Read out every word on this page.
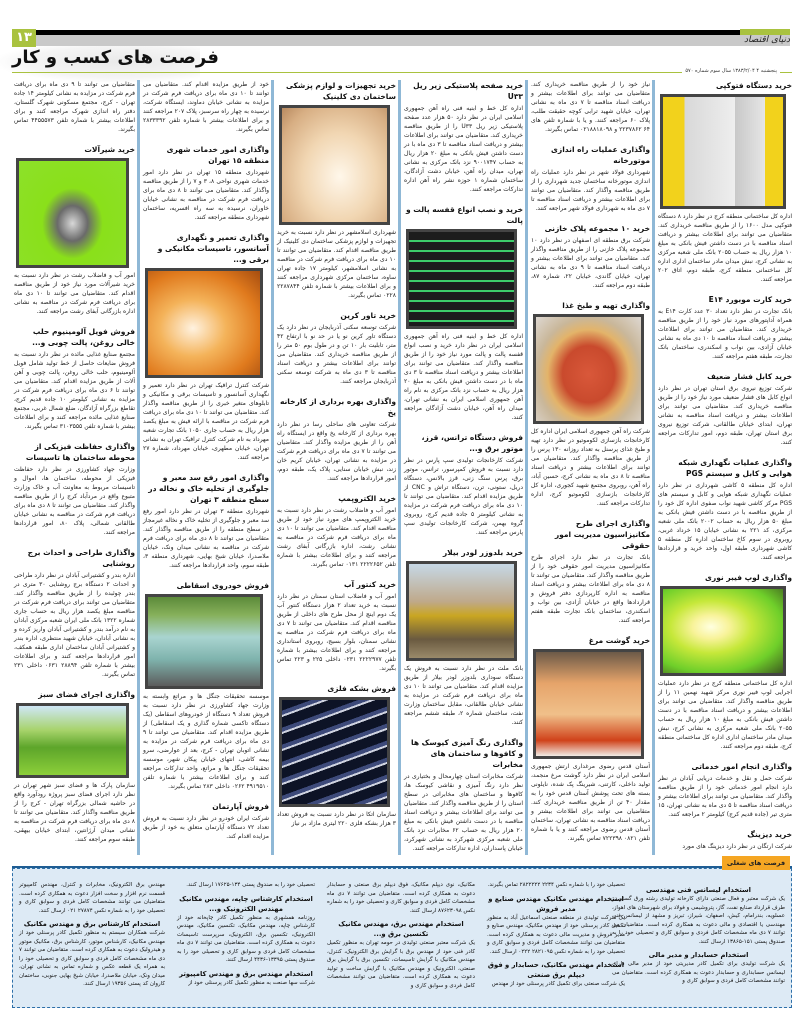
۱۳	دنیای اقتصاد
فرصت های کسب و کار
پنجشنبه ۴ ۱۳۸۳/۲/۰۴ سال سوم شماره ۵۷۰
خرید دستگاه فتوکپی

اداره کل ساختمانی منطقه کرج در نظر دارد ۸ دستگاه فتوکپی مدل ۱۶۰۰ را از طریق مناقصه خریداری کند. متقاضیان می توانند برای اطلاعات بیشتر و دریافت اسناد مناقصه با در دست داشتن فیش بانکی به مبلغ ۱۰ هزار ریال به حساب ۲۰۵۵ بانک ملی شعبه مرکزی به نشانی کرج، نبش میدان مادر ساختمان اداری اداره کل ساختمانی منطقه کرج، طبقه دوم، اتاق ۲۰۲ مراجعه کنند.

خرید کارت موبورد E۱۴

بانک تجارت در نظر دارد تعداد ۳۰ عدد کارت E۱۴ به همراه آداپتورهای مورد نیاز خود را از طریق مناقصه خریداری کند. متقاضیان می توانند برای اطلاعات بیشتر و دریافت اسناد مناقصه تا ۱۰ دی ماه به نشانی خیابان آزادی، بین نواب و اسکندری، ساختمان بانک تجارت، طبقه هفتم مراجعه کنند.

خرید کابل فشار ضعیف

شرکت توزیع نیروی برق استان تهران در نظر دارد انواع کابل های فشار ضعیف مورد نیاز خود را از طریق مناقصه خریداری کند. متقاضیان می توانند برای اطلاعات بیشتر و دریافت اسناد مناقصه به نشانی تهران، ابتدای خیابان طالقانی، شرکت توزیع نیروی برق استان تهران، طبقه دوم، امور تدارکات مراجعه کنند.

واگذاری عملیات نگهداری شبکه هوایی و کابل و سیستم PGS

اداره کل منطقه ۵ کاشی شهرداری در نظر دارد عملیات نگهداری شبکه هوایی و کابل و سیستم های PGS مرکز کاشی شهید نواب صفوی اداره کل خود را از طریق مناقصه با در دست داشتن فیش بانکی به مبلغ ۵۰ هزار ریال به حساب ۲۰۰۲ بانک ملی شعبه مرکزی، کد ۲۲۱ به نشانی خیابان ۱۵ خرداد غربی، روبروی در سوم کاخ ساختمان اداره کل منطقه ۵ کاشی شهرداری طبقه اول، واحد خرید و قراردادها مراجعه کنند.

واگذاری لوپ فیبر نوری

اداره کل ساختمانی منطقه کرج در نظر دارد عملیات اجرایی لوپ فیبر نوری مرکز شهید نهمین ۱۱ را از طریق مناقصه واگذار کند. متقاضیان می توانند برای اطلاعات بیشتر و دریافت اسناد مناقصه با در دست داشتن فیش بانکی به مبلغ ۱۰ هزار ریال به حساب ۲۰۵۵ بانک ملی شعبه مرکزی به نشانی کرج، نبش میدان مادر ساختمان اداری اداره کل ساختمانی منطقه کرج، طبقه دوم مراجعه کنند.

واگذاری انجام امور خدماتی

شرکت حمل و نقل و خدمات دریایی آبادان در نظر دارد انجام امور خدماتی خود را از طریق مناقصه واگذار کند. متقاضیان می توانند برای اطلاعات بیشتر و دریافت اسناد مناقصه تا ۵ دی ماه به نشانی تهران، ۱۵ متری تیر (جاده قدیم کرج) کیلومتر ۲ مراجعه کنند.

خرید دیزینگ

شرکت ارتگان در نظر دارد دیزینگ های مورد

نیاز خود را از طریق مناقصه خریداری کند. متقاضیان می توانند برای اطلاعات بیشتر و دریافت اسناد مناقصه تا ۷ دی ماه به نشانی تهران، خیابان شهید ترابی کوچه حقیقت طلب، پلاک ۶۰ مراجعه کنند. و یا با شماره تلفن های ۶۴ ۲۲۳۷۸۶۲ و ۰۲۱۸۸۱۸۰۹۸ تماس بگیرند.

واگذاری عملیات راه اندازی موتورخانه

شهرداری فولاد شهر در نظر دارد عملیات راه اندازی موتورخانه ساختمان جدید شهرداری را از طریق مناقصه واگذار کند. متقاضیان می توانند برای اطلاعات بیشتر و دریافت اسناد مناقصه تا ۷ دی ماه به شهرداری فولاد شهر مراجعه کنند.

خرید ۱۰ مجموعه پلاک خازنی

شرکت برق منطقه ای اصفهان در نظر دارد ۱۰ مجموعه پلاک خازنی را از طریق مناقصه واگذار کند. متقاضیان می توانند برای اطلاعات بیشتر و دریافت اسناد مناقصه تا ۹ دی ماه به نشانی تهران، خیابان گاندی، خیابان ۲۲، شماره ۸۷، طبقه دوم مراجعه کنند.

واگذاری تهیه و طبخ غذا

شرکت راه آهن جمهوری اسلامی ایران اداره کل کارخانجات بازسازی لکوموتیو در نظر دارد تهیه و طبخ غذای پرسنل به تعداد روزانه ۱۳۰ پرس را از طریق مناقصه واگذار کند. متقاضیان می توانند برای اطلاعات بیشتر و دریافت اسناد مناقصه تا ۸ دی ماه به نشانی کرج، حسین آباد، راه آهن، روبروی مجتمع شهید کجوری، اداره کل کارخانجات بازسازی لکوموتیو کرج، اداره تدارکات مراجعه کنند.

واگذاری اجرای طرح مکانیزاسیون مدیریت امور حقوقی

بانک تجارت در نظر دارد اجرای طرح مکانیزاسیون مدیریت امور حقوقی خود را از طریق مناقصه واگذار کند. متقاضیان می توانند تا ۸ دی ماه برای اطلاعات بیشتر و دریافت اسناد مناقصه به اداره کارپردازی دفتر فروش و قراردادها واقع در خیابان آزادی، بین نواب و اسکندری، ساختمان بانک تجارت طبقه هفتم مراجعه کنند.

خرید گوشت مرغ

آستان قدس رضوی مرغداری ارتش جمهوری اسلامی ایران در نظر دارد گوشت مرغ منجمد، تولید داخلی، کارتنی، شیرینگ پک شده، نایلونی بسته های تحت پوشش آستان قدس خود را به مقدار ۴۰ تن از طریق مناقصه خریداری کند. متقاضیان می توانند برای اطلاعات بیشتر و دریافت اسناد مناقصه به نشانی تهران، ساختمان آستان قدس رضوی مراجعه کنند و یا با شماره تلفن ۰۸۲۱ ۷۲۲۳۹۸ تماس بگیرند.

خرید صفحه پلاستیکی زیر ریل U۳۳

اداره کل خط و ابنیه فنی راه آهن جمهوری اسلامی ایران در نظر دارد ۵۰ هزار عدد صفحه پلاستیکی زیر ریل U۳۳ را از طریق مناقصه خریداری کند. متقاضیان می توانند برای اطلاعات بیشتر و دریافت اسناد مناقصه تا ۳ دی ماه با در دست داشتن فیش بانکی به مبلغ ۲۰ هزار ریال به حساب ۹۰۰۱۷۴۷ نزد بانک مرکزی به نشانی تهران، میدان راه آهن، خیابان دشت آزادگان، ساختمان شماره ۱ حوزه نشر راه آهن اداره تدارکات مراجعه کنند.

خرید و نصب انواع قفسه پالت و پالت

اداره کل خط و ابنیه فنی راه آهن جمهوری اسلامی ایران در نظر دارد خرید و نصب انواع قفسه پالت و پالت مورد نیاز خود را از طریق مناقصه واگذار کند. متقاضیان می توانند برای اطلاعات بیشتر و دریافت اسناد مناقصه تا ۳ دی ماه با در دست داشتن فیش بانکی به مبلغ ۲۰ هزار ریال به حساب نزد بانک مرکزی به نام راه آهن جمهوری اسلامی ایران به نشانی تهران، میدان راه آهن، خیابان دشت آزادگان مراجعه کنند.

فروش دستگاه ترانس، قرز، موتور برق و...

شرکت کارخانجات تولیدی سپ پارس در نظر دارد نسبت به فروش کمپرسور، ترانس، موتور برق، پرس سنگ زنی، قرز بالانس، دستگاه دریل، ستونی، ترن، دستگاه تراش و CNC از طریق مزایده اقدام کند. متقاضیان می توانند تا ۱۰ دی ماه برای دریافت فرم شرکت در مزایده به نشانی کیلومتر ۵ جاده قدیم کرج، روبروی گروه بهمن، شرکت کارخانجات تولیدی سپ پارس مراجعه کنند.

خرید بلدوزر لودر بیلار

بانک ملت در نظر دارد نسبت به فروش یک دستگاه سوداری بلدوزر لودر بیلار از طریق مزایده اقدام کند. متقاضیان می توانند تا ۱۰ دی ماه برای دریافت فرم شرکت در مزایده به نشانی خیابان طالقانی، مقابل ساختمان وزارت نفت، ساختمان شماره ۲، طبقه ششم مراجعه کنند.

واگذاری رنگ آمیزی کیوسک ها و کافوها و ساختمان های مخابرات

شرکت مخابرات استان چهارمحال و بختیاری در نظر دارد رنگ آمیزی و نقاشی کیوسک ها، کافوها و ساختمان های مخابراتی در سطح استان را از طریق مناقصه واگذار کند. متقاضیان می توانند برای اطلاعات بیشتر و دریافت اسناد مناقصه با در دست داشتن فیش بانکی به مبلغ ۲۰ هزار ریال به حساب ۶۲ مخابرات نزد بانک ملی شعبه مرکزی شهرکرد به نشانی شهرکرد، خیابان پاسداران، اداره تدارکات مراجعه کنند.

خرید تجهیزات و لوازم پزشکی ساختمان دی کلینیک

شهرداری اسلامشهر در نظر دارد نسبت به خرید تجهیزات و لوازم پزشکی ساختمان دی کلینیک از طریق مناقصه اقدام کند. متقاضیان می توانند تا ۱۰ دی ماه برای دریافت فرم شرکت در مناقصه به نشانی اسلامشهر، کیلومتر ۱۷ جاده تهران ساوه، ساختمان مرکزی شهرداری مراجعه کنند و برای اطلاعات بیشتر با شماره تلفن ۲۲۸۷۸۴۴ ۰۲۲۸ تماس بگیرند.

خرید تاور کرین

شرکت توسعه سکنی آذربایجان در نظر دارد یک دستگاه تاور کرین نو یا در حد نو با ارتفاع ۴۲ متر، تابلیت بار ۱۰ تن و در طول بوم ۵۰ متر را از طریق مناقصه خریداری کند. متقاضیان می توانند برای اطلاعات بیشتر و دریافت اسناد مناقصه تا ۳ دی ماه به شرکت توسعه سکنی آذربایجان مراجعه کنند.

واگذاری بهره برداری از کارخانه یخ

شرکت تعاونی های ساحلی رسا در نظر دارد بهره برداری از کارخانه یخ واقع در ایستگاه راه آهن را از طریق مزایده واگذار کند. متقاضیان می توانند تا ۷ دی ماه برای دریافت فرم شرکت در مزایده به نشانی تهران، خیابان کریم خان زند، نبش خیابان سنایی، پلاک یک، طبقه دوم، امور قراردادها مراجعه کنند.

خرید الکتروپمپ

امور آب و فاضلاب رشت در نظر دارد نسبت به خرید الکتروپمپ های مورد نیاز خود از طریق مناقصه اقدام کند. متقاضیان می توانند تا ۱۰ دی ماه برای دریافت فرم شرکت در مناقصه به نشانی رشت، اداره بازرگانی آبفای رشت مراجعه کنند و برای اطلاعات بیشتر با شماره تلفن ۲۲۲۲۶۵۲ ۰۱۳۱ تماس بگیرند.

خرید کنتور آب

امور آب و فاضلاب استان سمنان در نظر دارد نسبت به خرید تعداد ۲ هزار دستگاه کنتور آب یک دوم اینچ از محل طرح های داخلی از طریق مناقصه اقدام کند. متقاضیان می توانند تا ۷ دی ماه برای دریافت فرم شرکت در مناقصه به نشانی سمنان، بلوار بسیج، روبروی استانداری مراجعه کنند و برای اطلاعات بیشتر با شماره تلفن ۲۲۲۲۹۷۷ ۰۲۳۱ داخلی ۲۲۵ و ۲۲۳ تماس بگیرند.

فروش بشکه فلزی

سازمان اتکا در نظر دارد نسبت به فروش تعداد ۳ هزار بشکه فلزی ۲۲۰ لیتری مازاد بر نیاز

خود از طریق مزایده اقدام کند. متقاضیان می توانند تا ۱۰ دی ماه برای دریافت فرم شرکت در مزایده به نشانی خیابان دماوند، ایستگاه شرکت، نرسیده به چهار راه سرسبز، پلاک ۲۰۷ مراجعه کنند و برای اطلاعات بیشتر با شماره تلفن ۲۸۳۳۳۹۲ تماس بگیرند.

واگذاری امور خدمات شهری منطقه ۱۵ تهران

شهرداری منطقه ۱۵ تهران در نظر دارد امور خدمات شهری نواحی ۸، ۳ و ۷ را از طریق مناقصه واگذار کند. متقاضیان می توانند تا ۸ دی ماه برای دریافت فرم شرکت در مناقصه به نشانی خیابان خاوران، نرسیده به سه راه افسریه، ساختمان شهرداری منطقه مراجعه کنند.

واگذاری تعمیر و نگهداری آسانسور، تاسیسات مکانیکی و برقی و...

شرکت کنترل ترافیک تهران در نظر دارد تعمیر و نگهداری آسانسور و تاسیسات برقی و مکانیکی و تابلوهای متغیر خبری را از طریق مناقصه واگذار کند. متقاضیان می توانند تا ۱۰ دی ماه برای دریافت فرم شرکت در مناقصه با ارائه فیش به مبلغ یکصد هزار ریال به حساب جاری ۱۰۵۰ بانک تجارت شعبه مهرداد به نام شرکت کنترل ترافیک تهران به نشانی تهران، خیابان مطهری، خیابان مهرداد، شماره ۲۷ مراجعه کنند.

واگذاری امور رفع سد معبر و جلوگیری از تخلیه خاک و نخاله در سطح منطقه ۳ تهران

شهرداری منطقه ۳ تهران در نظر دارد امور رفع سد معبر و جلوگیری از تخلیه خاک و نخاله غیرمجاز در سطح منطقه را از طریق مناقصه واگذار کند. متقاضیان می توانند تا ۸ دی ماه برای دریافت فرم شرکت در مناقصه به نشانی میدان ونک، خیابان ملاصدرا، خیابان شیخ بهایی، شهرداری منطقه ۳، طبقه سوم، واحد قراردادها مراجعه کنند.

فروش خودروی اسقاطی

موسسه تحقیقات جنگل ها و مراتع وابسته به وزارت جهاد کشاورزی در نظر دارد نسبت به فروش تعداد ۹ دستگاه از خودروهای اسقاطی (یک دستگاه تاکسی شماره گذاری و یک اسقاطی) از طریق مزایده اقدام کند. متقاضیان می توانند تا ۹ دی ماه برای دریافت فرم شرکت در مزایده به نشانی اتوبان تهران - کرج، بعد از عوارضی، سرو بیمه کاشی، انتهای خیابان پیکان شهر، موسسه تحقیقات جنگل ها و مراتع، واحد تدارکات مراجعه کنند و برای اطلاعات بیشتر با شماره تلفن ۴۹۱۹۵۱۰ ۰۲۶۲ داخلی ۲۸۳ تماس بگیرند.

فروش آپارتمان

شرکت ایران خودرو در نظر دارد نسبت به فروش تعداد ۷۲ دستگاه آپارتمان متعلق به خود از طریق مزایده اقدام کند.

متقاضیان می توانند تا ۹ دی ماه برای دریافت فرم شرکت در مزایده به نشانی کیلومتر ۱۴ جاده تهران - کرج، مجتمع مسکونی شهرک گلستان، دفتر راه اندازی شهرک مراجعه کنند و برای اطلاعات بیشتر با شماره تلفن ۴۴۵۵۵۷۳ تماس بگیرند.

خرید شیرآلات

امور آب و فاضلاب رشت در نظر دارد نسبت به خرید شیرآلات مورد نیاز خود از طریق مناقصه اقدام کند. متقاضیان می توانند تا ۱۰ دی ماه برای دریافت فرم شرکت در مناقصه به نشانی اداره بازرگانی آبفای رشت مراجعه کنند.

فروش فویل آلومینیوم حلب خالی روغن، پالت چوبی و...

مجتمع صنایع غذایی مائده در نظر دارد نسبت به فروش ضایعات حاصل از خط تولید شامل فویل آلومینیوم، حلب خالی روغن، پالت چوبی و آهن آلات از طریق مزایده اقدام کند. متقاضیان می توانند تا ۶ دی ماه برای دریافت فرم شرکت در مزایده به نشانی کیلومتر ۱۰ جاده قدیم کرج، تقاطع بزرگراه آزادگان، ضلع شمال غربی، مجتمع صنایع غذایی مائده مراجعه کنند و برای اطلاعات بیشتر با شماره تلفن ۳۱۰۳۵۵۵ تماس بگیرند.

واگذاری حفاظت فیزیکی از محوطه ساختمان ها تاسیسات

وزارت جهاد کشاورزی در نظر دارد حفاظت فیزیکی از محوطه، ساختمان ها، اموال و تاسیسات مربوط به معاونت آب و خاک وزارت متبوع واقع در مردآباد کرج را از طریق مناقصه واگذار کند. متقاضیان می توانند تا ۸ دی ماه برای دریافت فرم شرکت در مناقصه به نشانی خیابان طالقانی شمالی، پلاک ۸۰، امور قراردادها مراجعه کنند.

واگذاری طراحی و احداث برج روشنایی

اداره بندر و کشتیرانی آبادان در نظر دارد طراحی و احداث ۲ دستگاه برج روشنایی ۳۰ متری در بندر چوئبده را از طریق مناقصه واگذار کند. متقاضیان می توانند برای دریافت فرم شرکت در مناقصه مبلغ یکصد هزار ریال به حساب جاری شماره ۱۳۲۲ بانک ملی ایران شعبه مرکزی آبادان به نام درآمد بندر و کشتیرانی آبادان واریز کرده و به نشانی آبادان، خیابان شهید منتظری، اداره بندر و کشتیرانی آبادان ساختمان اداری طبقه همکف، امور قراردادها مراجعه کنند و برای اطلاعات بیشتر با شماره تلفن ۲۸۸۹۴ ۰۶۳۱ داخلی ۲۳۱ تماس بگیرند.

واگذاری اجرای فضای سبز

سازمان پارک ها و فضای سبز شهر تهران در نظر دارد اجرای فضای سبز پروژه رودآورد واقع در حاشیه شمالی بزرگراه تهران - کرج را از طریق مناقصه واگذار کند. متقاضیان می توانند تا ۸ دی ماه برای دریافت فرم شرکت در مناقصه به نشانی میدان آرژانتین، ابتدای خیابان بیهقی، طبقه سوم مراجعه کنند.

استخدام لیسانس فنی مهندسی

یک شرکت معتبر و فعال صنعتی دارای کارخانه تولیدی رشته ورق گستر در طرف قرارداد صنایع نفت، گاز، پتروشیمی و فولاد برای شهرستان های اهواز، عسلویه، بندرامام، کیش، اصفهان، شیراز، تبریز و مشهد از لیسانس فنی مهندسی یا اقتصادی و مالی دعوت به همکاری کرده است. متقاضیان می توانند ۷ دی ماه مشخصات کامل فردی و سوابق کاری و تحصیلی خود را به صندوق پستی ۱۵۱-۱۳۸۶۵ ارسال کنند.

استخدام حسابدار و مدیر مالی

یک شرکت تولیدی برای تکمیل کادر مدیریتی خود از مدیر مالی دارای لیسانس حسابداری و حسابدار دعوت به همکاری کرده است. متقاضیان می توانند مشخصات کامل فردی و سوابق کاری و

تحصیلی خود را با شماره نکس ۲۲۳۴ ۲۸۲۲۲۲۲ تماس بگیرند.

استخدام مهندس مکانیک مهندس صنایع و مدیر فروش

یک شرکت تولیدی در منطقه صنعتی اسماعیل آباد به منظور تکمیل کادر پرسنلی خود از مهندس مکانیک، مهندس صنایع و مدیر فروش و مدیریت مالی دعوت به همکاری کرده است. متقاضیان می توانند مشخصات کامل فردی و سوابق کاری و تحصیلی خود را به شماره نکس ۲۸۲۱۰۹۵ ۰۲۲۲ ارسال کنند.

استخدام مهندس مکانیک، حسابدار و فوق دیپلم برق صنعتی

یک شرکت صنعتی برای تکمیل کادر پرسنلی خود از مهندس

مکانیک، نوی دیپلم مکانیک، فوق دیپلم برق صنعتی و حسابدار دعوت به همکاری کرده است. متقاضیان می توانند ۷ دی ماه مشخصات کامل فردی و سوابق کاری و تحصیلی خود را به شماره نکس ۸۷۶۲۳۰۹۸ ارسال کنند.

استخدام مهندس برق، مهندس مکانیک تکنسین برق و...

یک شرکت معتبر صنعتی تولیدی در حومه تهران به منظور تکمیل کادر فنی خود از مهندس برق با گرایش برق الکترونیک، کنترل، مهندس مکانیک با گرایش تاسیسات، تکنسین برق با گرایش برق صنعتی، الکترونیک و مهندس مکانیک با گرایش ساخت و تولید دعوت به همکاری کرده است. متقاضیان می توانند مشخصات کامل فردی و سوابق کاری و

تحصیلی خود را به صندوق پستی ۱۳۴-۱۷۶۲۵ ارسال کنند.

استخدام کارشناس چاپه، مهندس مکانیک مهندس الکترونیک و...

روزنامه همشهری به منظور تکمیل کادر چاپخانه خود از کارشناس چاپه، مهندس مکانیک، تکنسین مکانیک، مهندس الکترونیک، تکنسین برق، الکترونیک، سرپرست تاسیسات دعوت به همکاری کرده است. متقاضیان می توانند ۷ دی ماه مشخصات کامل فردی و سوابق کاری و تحصیلی خود را به صندوق پستی ۱۳۳۹۵-۴۴۳۶ ارسال کنند.

استخدام مهندس برق و مهندس کامپیوتر

شرکت سها صنعت به منظور تکمیل کادر پرسنلی خود از

مهندس برق الکترونیک، مخابرات و کنترل، مهندس کامپیوتر قسمت نرم افزار و سخت افزار دعوت به همکاری کرده است. متقاضیان می توانند مشخصات کامل فردی و سوابق کاری و تحصیلی خود را به شماره نکس ۲۷۸۷۴ ۰۲۱ ارسال کنند.

استخدام کارشناس برق و مهندس مکانیک

شرکت همکاران سیستم به منظور تکمیل کادر پرسنلی خود از مهندس مکانیک، کارشناس موتور، کارشناس برق، مکانیک موتور و هیدرولیک دعوت به همکاری کرده است. متقاضیان می توانند ۷ دی ماه مشخصات کامل فردی و سوابق کاری و تحصیلی خود را به همراه یک قطعه عکس و شماره تماس به نشانی تهران، میدان ونک، خیابان ملاصدرا، خیابان شیخ بهایی جنوبی، ساختمان کاروان کد پستی ۱۹۳۵۶ ارسال کنند.

فرصت های شغلی
